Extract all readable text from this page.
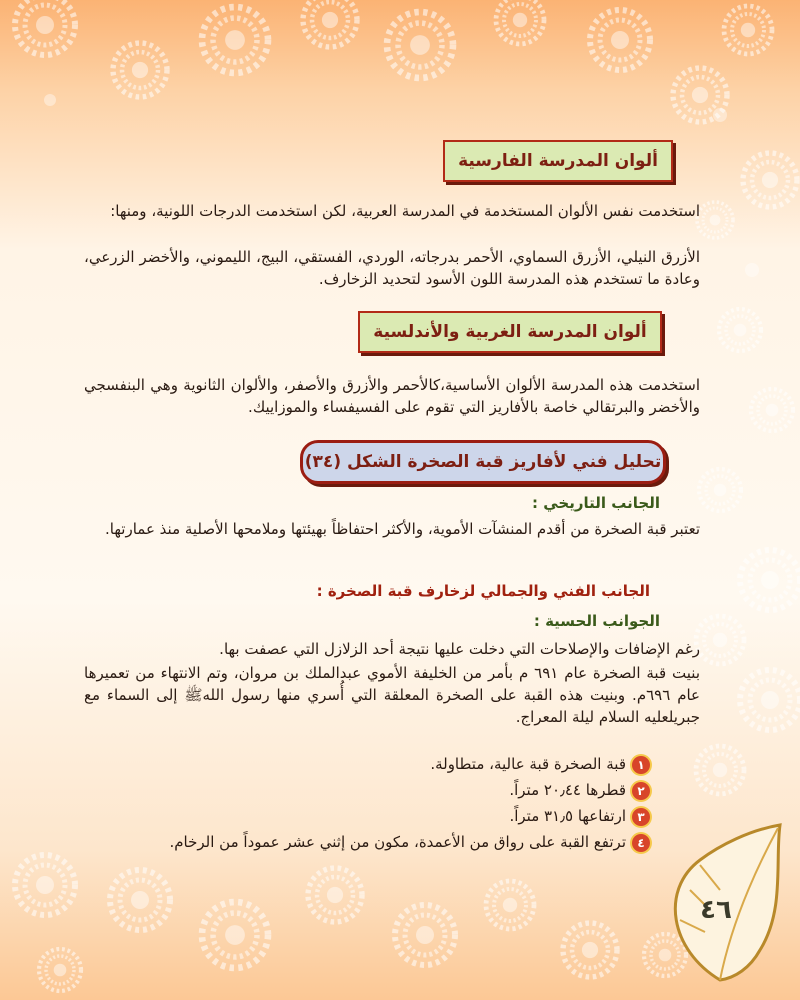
ألوان المدرسة الفارسية
استخدمت نفس الألوان المستخدمة في المدرسة العربية، لكن استخدمت الدرجات اللونية، ومنها:
الأزرق النيلي، الأزرق السماوي، الأحمر بدرجاته، الوردي، الفستقي، البيج، الليموني، والأخضر الزرعي، وعادة ما تستخدم هذه المدرسة اللون الأسود لتحديد الزخارف.
ألوان المدرسة الغربية والأندلسية
استخدمت هذه المدرسة الألوان الأساسية،كالأحمر والأزرق والأصفر، والألوان الثانوية وهي البنفسجي والأخضر والبرتقالي خاصة بالأفاريز التي تقوم على الفسيفساء والموزاييك.
تحليل فني لأفاريز قبة الصخرة الشكل (٣٤)
الجانب التاريخي :
تعتبر قبة الصخرة من أقدم المنشآت الأموية، والأكثر احتفاظاً بهيئتها وملامحها الأصلية منذ عمارتها.
الجانب الفني والجمالي لزخارف قبة الصخرة :
الجوانب الحسية :
رغم الإضافات والإصلاحات التي دخلت عليها نتيجة أحد الزلازل التي عصفت بها.
بنيت قبة الصخرة عام ٦٩١ م بأمر من الخليفة الأموي عبدالملك بن مروان، وتم الانتهاء من تعميرها عام ٦٩٦م. وبنيت هذه القبة على الصخرة المعلقة التي أُسري منها رسول اللهﷺ إلى السماء مع جبريلعليه السلام ليلة المعراج.
١قبة الصخرة قبة عالية، متطاولة.
٢قطرها ٢٠٫٤٤ متراً.
٣ارتفاعها ٣١٫٥ متراً.
٤ترتفع القبة على رواق من الأعمدة، مكون من إثني عشر عموداً من الرخام.
٤٦
